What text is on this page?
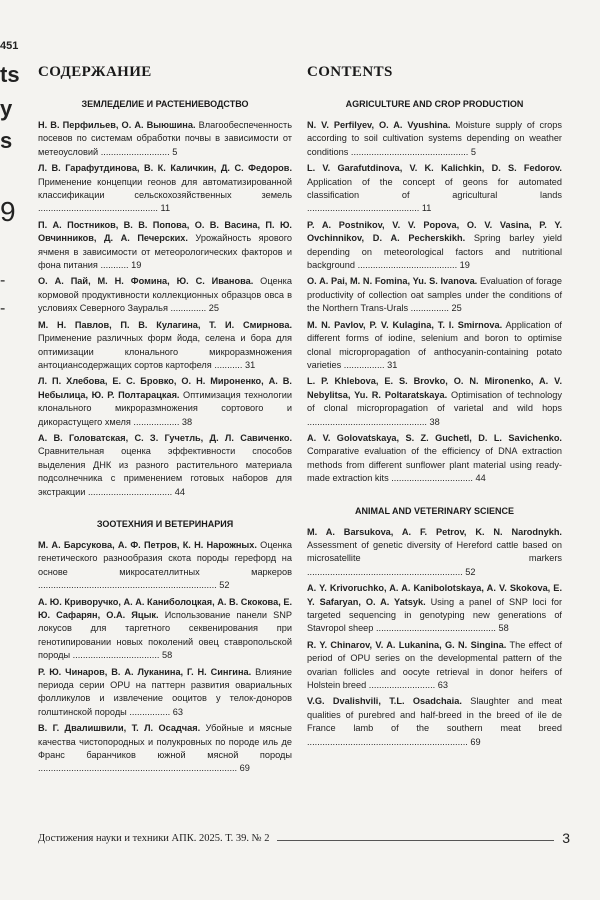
451
ts
y
s
9
-
-
СОДЕРЖАНИЕ
ЗЕМЛЕДЕЛИЕ И РАСТЕНИЕВОДСТВО
Н. В. Перфильев, О. А. Выюшина. Влагообеспеченность посевов по системам обработки почвы в зависимости от метеоусловий ........................... 5
Л. В. Гарафутдинова, В. К. Каличкин, Д. С. Федоров. Применение концепции геонов для автоматизированной классификации сельскохозяйственных земель ............................................... 11
П. А. Постников, В. В. Попова, О. В. Васина, П. Ю. Овчинников, Д. А. Печерских. Урожайность ярового ячменя в зависимости от метеорологических факторов и фона питания ........... 19
О. А. Пай, М. Н. Фомина, Ю. С. Иванова. Оценка кормовой продуктивности коллекционных образцов овса в условиях Северного Зауралья .............. 25
М. Н. Павлов, П. В. Кулагина, Т. И. Смирнова. Применение различных форм йода, селена и бора для оптимизации клонального микроразмножения антоциансодержащих сортов картофеля ........... 31
Л. П. Хлебова, Е. С. Бровко, О. Н. Мироненко, А. В. Небылица, Ю. Р. Полтарацкая. Оптимизация технологии клонального микроразмножения сортового и дикорастущего хмеля .................. 38
А. В. Головатская, С. З. Гучетль, Д. Л. Савиченко. Сравнительная оценка эффективности способов выделения ДНК из разного растительного материала подсолнечника с применением готовых наборов для экстракции ................................. 44
ЗООТЕХНИЯ И ВЕТЕРИНАРИЯ
М. А. Барсукова, А. Ф. Петров, К. Н. Нарожных. Оценка генетического разнообразия скота породы герефорд на основе микросателлитных маркеров ...................................................................... 52
А. Ю. Криворучко, А. А. Каниболоцкая, А. В. Скокова, Е. Ю. Сафарян, О.А. Яцык. Использование панели SNP локусов для таргетного секвенирования при генотипировании новых поколений овец ставропольской породы .................................. 58
Р. Ю. Чинаров, В. А. Луканина, Г. Н. Сингина. Влияние периода серии OPU на паттерн развития овариальных фолликулов и извлечение ооцитов у телок-доноров голштинской породы ................ 63
В. Г. Двалишвили, Т. Л. Осадчая. Убойные и мясные качества чистопородных и полукровных по породе иль де Франс баранчиков южной мясной породы .............................................................................. 69
CONTENTS
AGRICULTURE AND CROP PRODUCTION
N. V. Perfilyev, O. A. Vyushina. Moisture supply of crops according to soil cultivation systems depending on weather conditions .............................................. 5
L. V. Garafutdinova, V. K. Kalichkin, D. S. Fedorov. Application of the concept of geons for automated classification of agricultural lands ............................................ 11
P. A. Postnikov, V. V. Popova, O. V. Vasina, P. Y. Ovchinnikov, D. A. Pecherskikh. Spring barley yield depending on meteorological factors and nutritional background ....................................... 19
O. A. Pai, M. N. Fomina, Yu. S. Ivanova. Evaluation of forage productivity of collection oat samples under the conditions of the Northern Trans-Urals ............... 25
M. N. Pavlov, P. V. Kulagina, T. I. Smirnova. Application of different forms of iodine, selenium and boron to optimise clonal micropropagation of anthocyanin-containing potato varieties ................ 31
L. P. Khlebova, E. S. Brovko, O. N. Mironenko, A. V. Nebylitsa, Yu. R. Poltaratskaya. Optimisation of technology of clonal micropropagation of varietal and wild hops ............................................... 38
A. V. Golovatskaya, S. Z. Guchetl, D. L. Savichenko. Comparative evaluation of the efficiency of DNA extraction methods from different sunflower plant material using ready-made extraction kits ................................ 44
ANIMAL AND VETERINARY SCIENCE
M. A. Barsukova, A. F. Petrov, K. N. Narodnykh. Assessment of genetic diversity of Hereford cattle based on microsatellite markers ............................................................. 52
A. Y. Krivoruchko, A. A. Kanibolotskaya, A. V. Skokova, E. Y. Safaryan, O. A. Yatsyk. Using a panel of SNP loci for targeted sequencing in genotyping new generations of Stavropol sheep ............................................... 58
R. Y. Chinarov, V. A. Lukanina, G. N. Singina. The effect of period of OPU series on the developmental pattern of the ovarian follicles and oocyte retrieval in donor heifers of Holstein breed .......................... 63
V.G. Dvalishvili, T.L. Osadchaia. Slaughter and meat qualities of purebred and half-breed in the breed of ile de France lamb of the southern meat breed ............................................................... 69
Достижения науки и техники АПК. 2025. Т. 39. № 2	3
